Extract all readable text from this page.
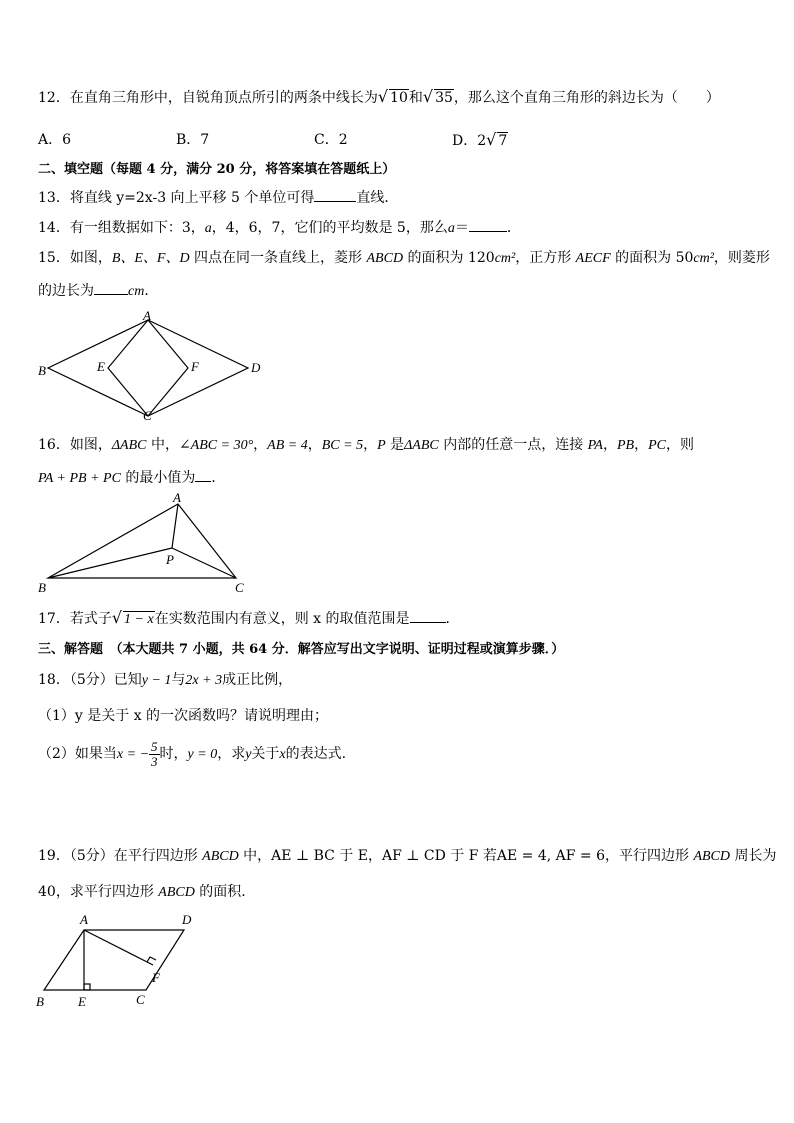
12．在直角三角形中，自锐角顶点所引的两条中线长为√ 10和√ 35，那么这个直角三角形的斜边长为（　　）
A．6	B．7	C．2	D．2√ 7
二、填空题（每题 4 分，满分 20 分，将答案填在答题纸上）
13．将直线 y=2x-3 向上平移 5 个单位可得	直线．
14．有一组数据如下：3，a，4，6，7，它们的平均数是 5，那么a＝	．
15．如图，B、E、F、D 四点在同一条直线上，菱形 ABCD 的面积为 120cm²，正方形 AECF 的面积为 50cm²，则菱形
的边长为 cm．
A
B
C
D
E	F
16．如图，ΔABC 中，∠ABC = 30°，AB = 4，BC = 5，P 是ΔABC 内部的任意一点，连接 PA，PB，PC，则
PA + PB + PC 的最小值为 ．
A
B	C
P
17．若式子√ 1 − x在实数范围内有意义，则 x 的取值范围是	．
三、解答题　（本大题共 7 小题，共 64 分．解答应写出文字说明、证明过程或演算步骤．）
18．（5分）已知y − 1与2x + 3成正比例，
（1）y 是关于 x 的一次函数吗？请说明理由；
（2）如果当x = − $\frac{5}{3}$ 时，y = 0，求y关于x的表达式.
19．（5分）在平行四边形 ABCD 中，AE ⊥ BC 于 E，AF ⊥ CD 于 F 若AE = 4, AF = 6，平行四边形 ABCD 周长为
40，求平行四边形 ABCD 的面积.
A	D
B	E	C
F
